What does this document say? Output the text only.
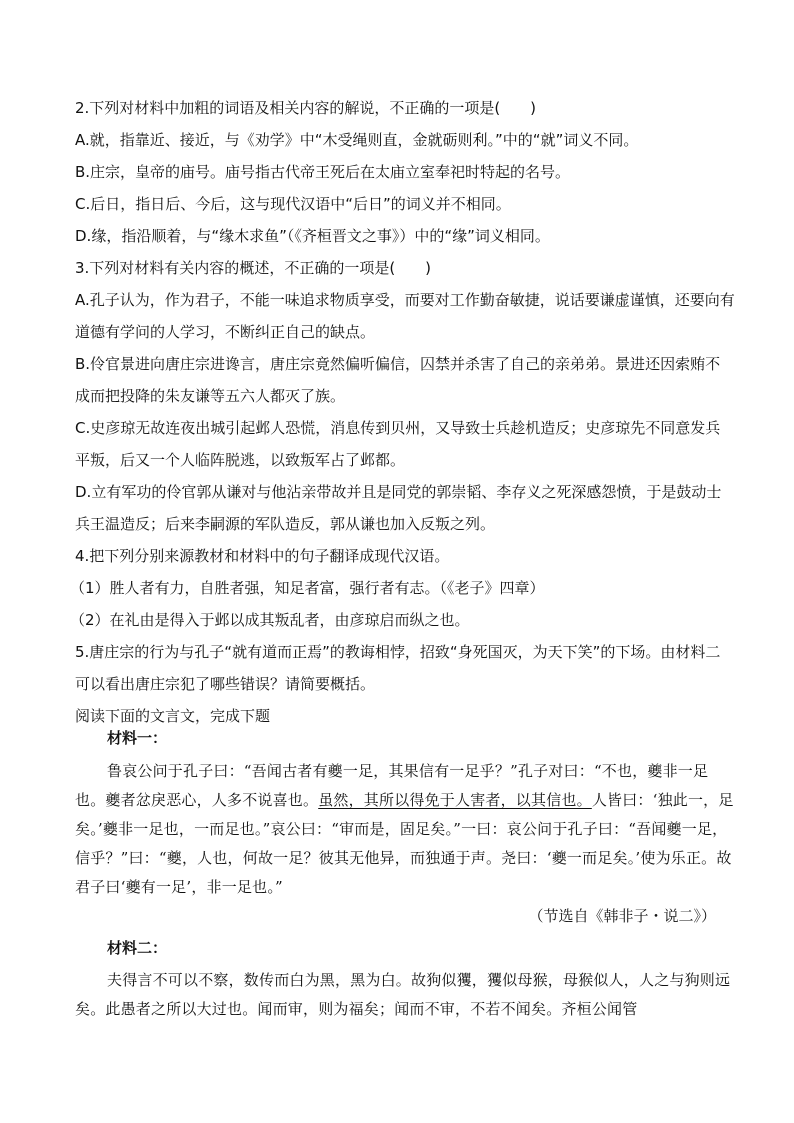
2.下列对材料中加粗的词语及相关内容的解说，不正确的一项是(　　)
A.就，指靠近、接近，与《劝学》中“木受绳则直，金就砺则利。”中的“就”词义不同。
B.庄宗，皇帝的庙号。庙号指古代帝王死后在太庙立室奉祀时特起的名号。
C.后日，指日后、今后，这与现代汉语中“后日”的词义并不相同。
D.缘，指沿顺着，与“缘木求鱼”（《齐桓晋文之事》）中的“缘”词义相同。
3.下列对材料有关内容的概述，不正确的一项是(　　)
A.孔子认为，作为君子，不能一味追求物质享受，而要对工作勤奋敏捷，说话要谦虚谨慎，还要向有道德有学问的人学习，不断纠正自己的缺点。
B.伶官景进向唐庄宗进谗言，唐庄宗竟然偏听偏信，囚禁并杀害了自己的亲弟弟。景进还因索贿不成而把投降的朱友谦等五六人都灭了族。
C.史彦琼无故连夜出城引起邺人恐慌，消息传到贝州，又导致士兵趁机造反；史彦琼先不同意发兵平叛，后又一个人临阵脱逃，以致叛军占了邺都。
D.立有军功的伶官郭从谦对与他沾亲带故并且是同党的郭崇韬、李存义之死深感怨愤，于是鼓动士兵王温造反；后来李嗣源的军队造反，郭从谦也加入反叛之列。
4.把下列分别来源教材和材料中的句子翻译成现代汉语。
（1）胜人者有力，自胜者强，知足者富，强行者有志。（《老子》四章）
（2）在礼由是得入于邺以成其叛乱者，由彦琼启而纵之也。
5.唐庄宗的行为与孔子“就有道而正焉”的教诲相悖，招致“身死国灭，为天下笑”的下场。由材料二可以看出唐庄宗犯了哪些错误？请简要概括。
阅读下面的文言文，完成下题
材料一：
鲁哀公问于孔子曰：“吾闻古者有夔一足，其果信有一足乎？”孔子对曰：“不也，夔非一足也。夔者忿戾恶心，人多不说喜也。虽然，其所以得免于人害者，以其信也。人皆曰：‘独此一，足矣。’夔非一足也，一而足也。”哀公曰：“审而是，固足矣。”一曰：哀公问于孔子曰：“吾闻夔一足，信乎？”曰：“夔，人也，何故一足？彼其无他异，而独通于声。尧曰：‘夔一而足矣。’使为乐正。故君子曰‘夔有一足’，非一足也。”
（节选自《韩非子・说二》）
材料二：
夫得言不可以不察，数传而白为黑，黑为白。故狗似玃，玃似母猴，母猴似人，人之与狗则远矣。此愚者之所以大过也。闻而审，则为福矣；闻而不审，不若不闻矣。齐桓公闻管
